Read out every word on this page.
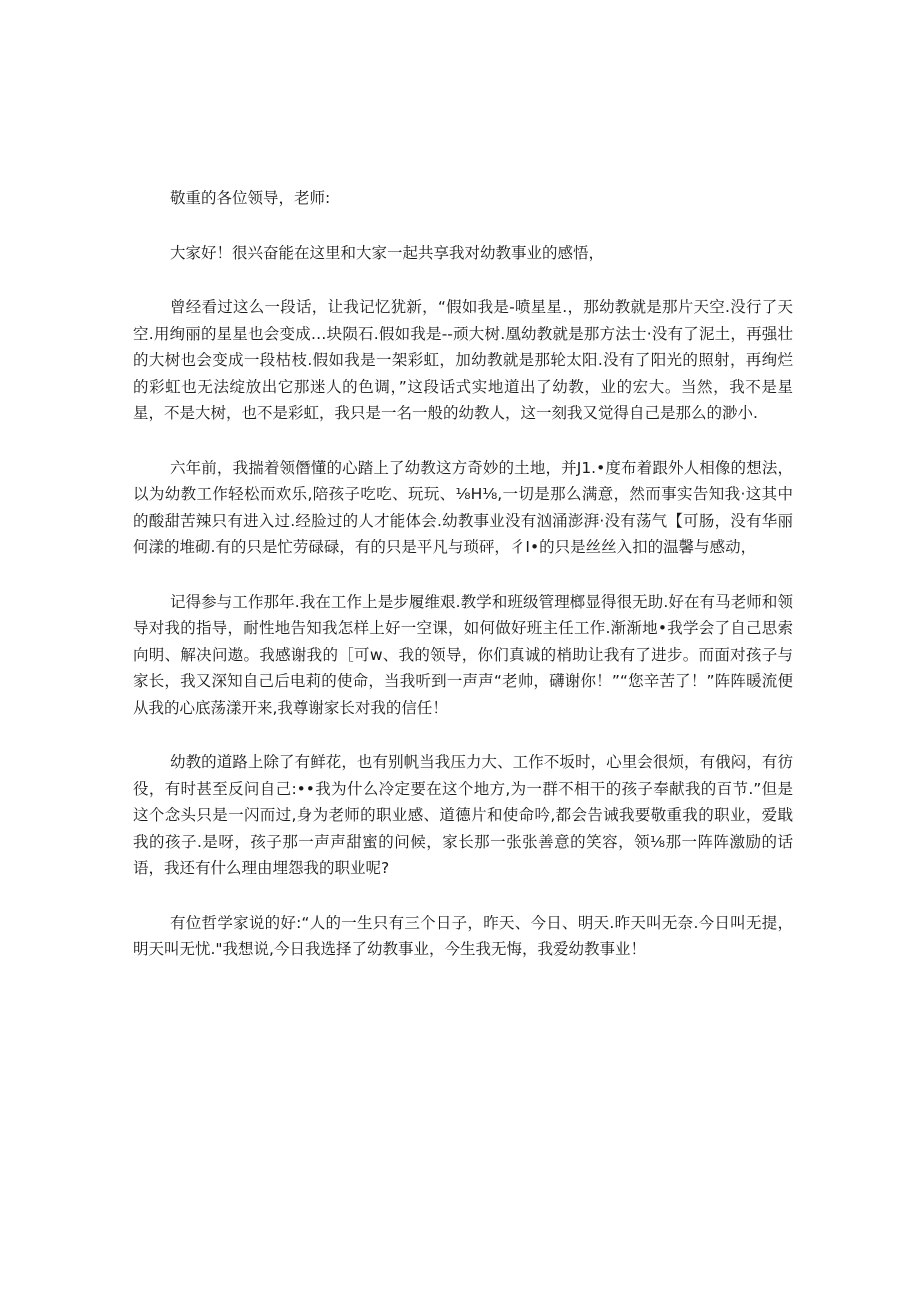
敬重的各位领导，老师:

大家好！很兴奋能在这里和大家一起共享我对幼教事业的感悟，

曾经看过这么一段话，让我记忆犹新，“假如我是-喷星星.，那幼教就是那片天空.没行了天空.用绚丽的星星也会变成…块陨石.假如我是--顽大树.凰幼教就是那方法士·没有了泥土，再强壮的大树也会变成一段枯枝.假如我是一架彩虹，加幼教就是那轮太阳.没有了阳光的照射，再绚烂的彩虹也无法绽放出它那迷人的色调，”这段话式实地道出了幼教，业的宏大。当然，我不是星星，不是大树，也不是彩虹，我只是一名一般的幼教人，这一刻我又觉得自己是那么的渺小.

六年前，我揣着领僭懂的心踏上了幼教这方奇妙的土地，并J1.•度布着跟外人相像的想法，以为幼教工作轻松而欢乐,陪孩子吃吃、玩玩、⅛H⅛,一切是那么满意，然而事实告知我·这其中的酸甜苦辣只有进入过.经脸过的人才能体会.幼教事业没有汹涌澎湃·没有荡气【可肠，没有华丽何漾的堆砌.有的只是忙劳碌碌，有的只是平凡与琐砰，彳I•的只是丝丝入扣的温馨与感动，

记得参与工作那年.我在工作上是步履维艰.教学和班级管理榔显得很无助.好在有马老师和领导对我的指导，耐性地告知我怎样上好一空课，如何做好班主任工作.渐渐地•我学会了自己思索向明、解决问遨。我感谢我的［可w、我的领导，你们真诚的梢助让我有了进步。而面对孩子与家长，我又深知自己后电莉的使命，当我听到一声声“老帅，礴谢你！”“您辛苦了！”阵阵暖流便从我的心底荡漾开来,我尊谢家长对我的信任！

幼教的道路上除了有鲜花，也有别帆当我压力大、工作不坂时，心里会很烦，有俄闷，有彷役，有时甚至反问自己:••我为什么冷定要在这个地方,为一群不相干的孩子奉献我的百节.”但是这个念头只是一闪而过,身为老师的职业感、道德片和使命吟,都会告诫我要敬重我的职业，爱戢我的孩子.是呀，孩子那一声声甜蜜的问候，家长那一张张善意的笑容，领⅛那一阵阵激励的话语，我还有什么理由埋怨我的职业呢?

有位哲学家说的好:“人的一生只有三个日子，昨天、今日、明天.昨天叫无奈.今日叫无提，明天叫无忧."我想说,今日我选择了幼教事业，今生我无悔，我爱幼教事业！
